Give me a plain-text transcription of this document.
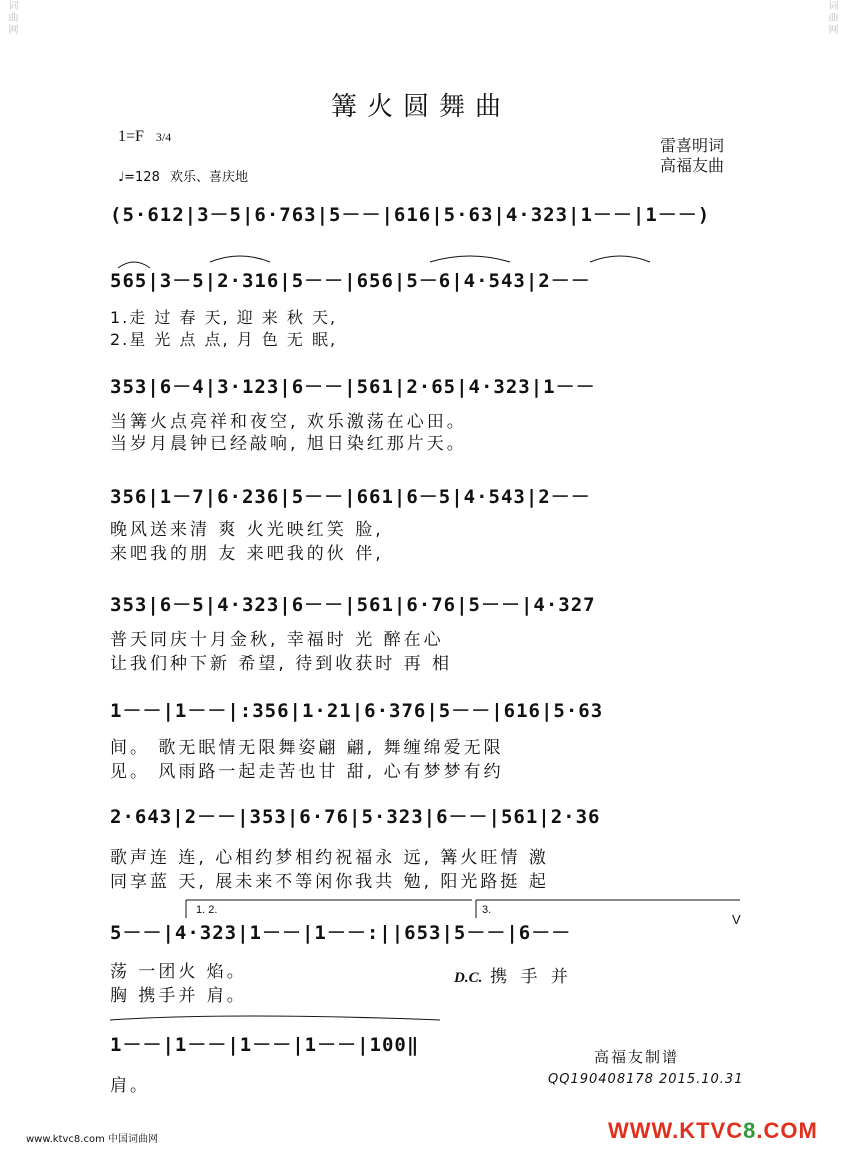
词曲网	词曲网
篝火圆舞曲
1=F 3/4
♩=128 欢乐、喜庆地
雷喜明词
高福友曲
(5·612|3－5|6·763|5－－|616|5·63|4·323|1－－|1－－)
565|3－5|2·316|5－－|656|5－6|4·543|2－－
1.走 过 春 天, 迎 来 秋 天,
2.星 光 点 点, 月 色 无 眠,
353|6－4|3·123|6－－|561|2·65|4·323|1－－
当篝火点亮祥和夜空, 欢乐激荡在心田。
当岁月晨钟已经敲响, 旭日染红那片天。
356|1－7|6·236|5－－|661|6－5|4·543|2－－
晚风送来清 爽 火光映红笑 脸,
来吧我的朋 友 来吧我的伙 伴,
353|6－5|4·323|6－－|561|6·76|5－－|4·327
普天同庆十月金秋, 幸福时 光 醉在心
让我们种下新 希望, 待到收获时 再 相
1－－|1－－|:356|1·21|6·376|5－－|616|5·63
间。 歌无眠情无限舞姿翩 翩, 舞缠绵爱无限
见。 风雨路一起走苦也甘 甜, 心有梦梦有约
2·643|2－－|353|6·76|5·323|6－－|561|2·36
歌声连 连, 心相约梦相约祝福永 远, 篝火旺情 激
同享蓝 天, 展未来不等闲你我共 勉, 阳光路挺 起
1. 2.	3.
V
5－－|4·323|1－－|1－－:||653|5－－|6－－
荡 一团火 焰。
胸 携手并 肩。
D.C. 携 手 并
1－－|1－－|1－－|1－－|100‖
肩。
高福友制谱
QQ190408178 2015.10.31
www.ktvc8.com 中国词曲网	WWW.KTVC8.COM
